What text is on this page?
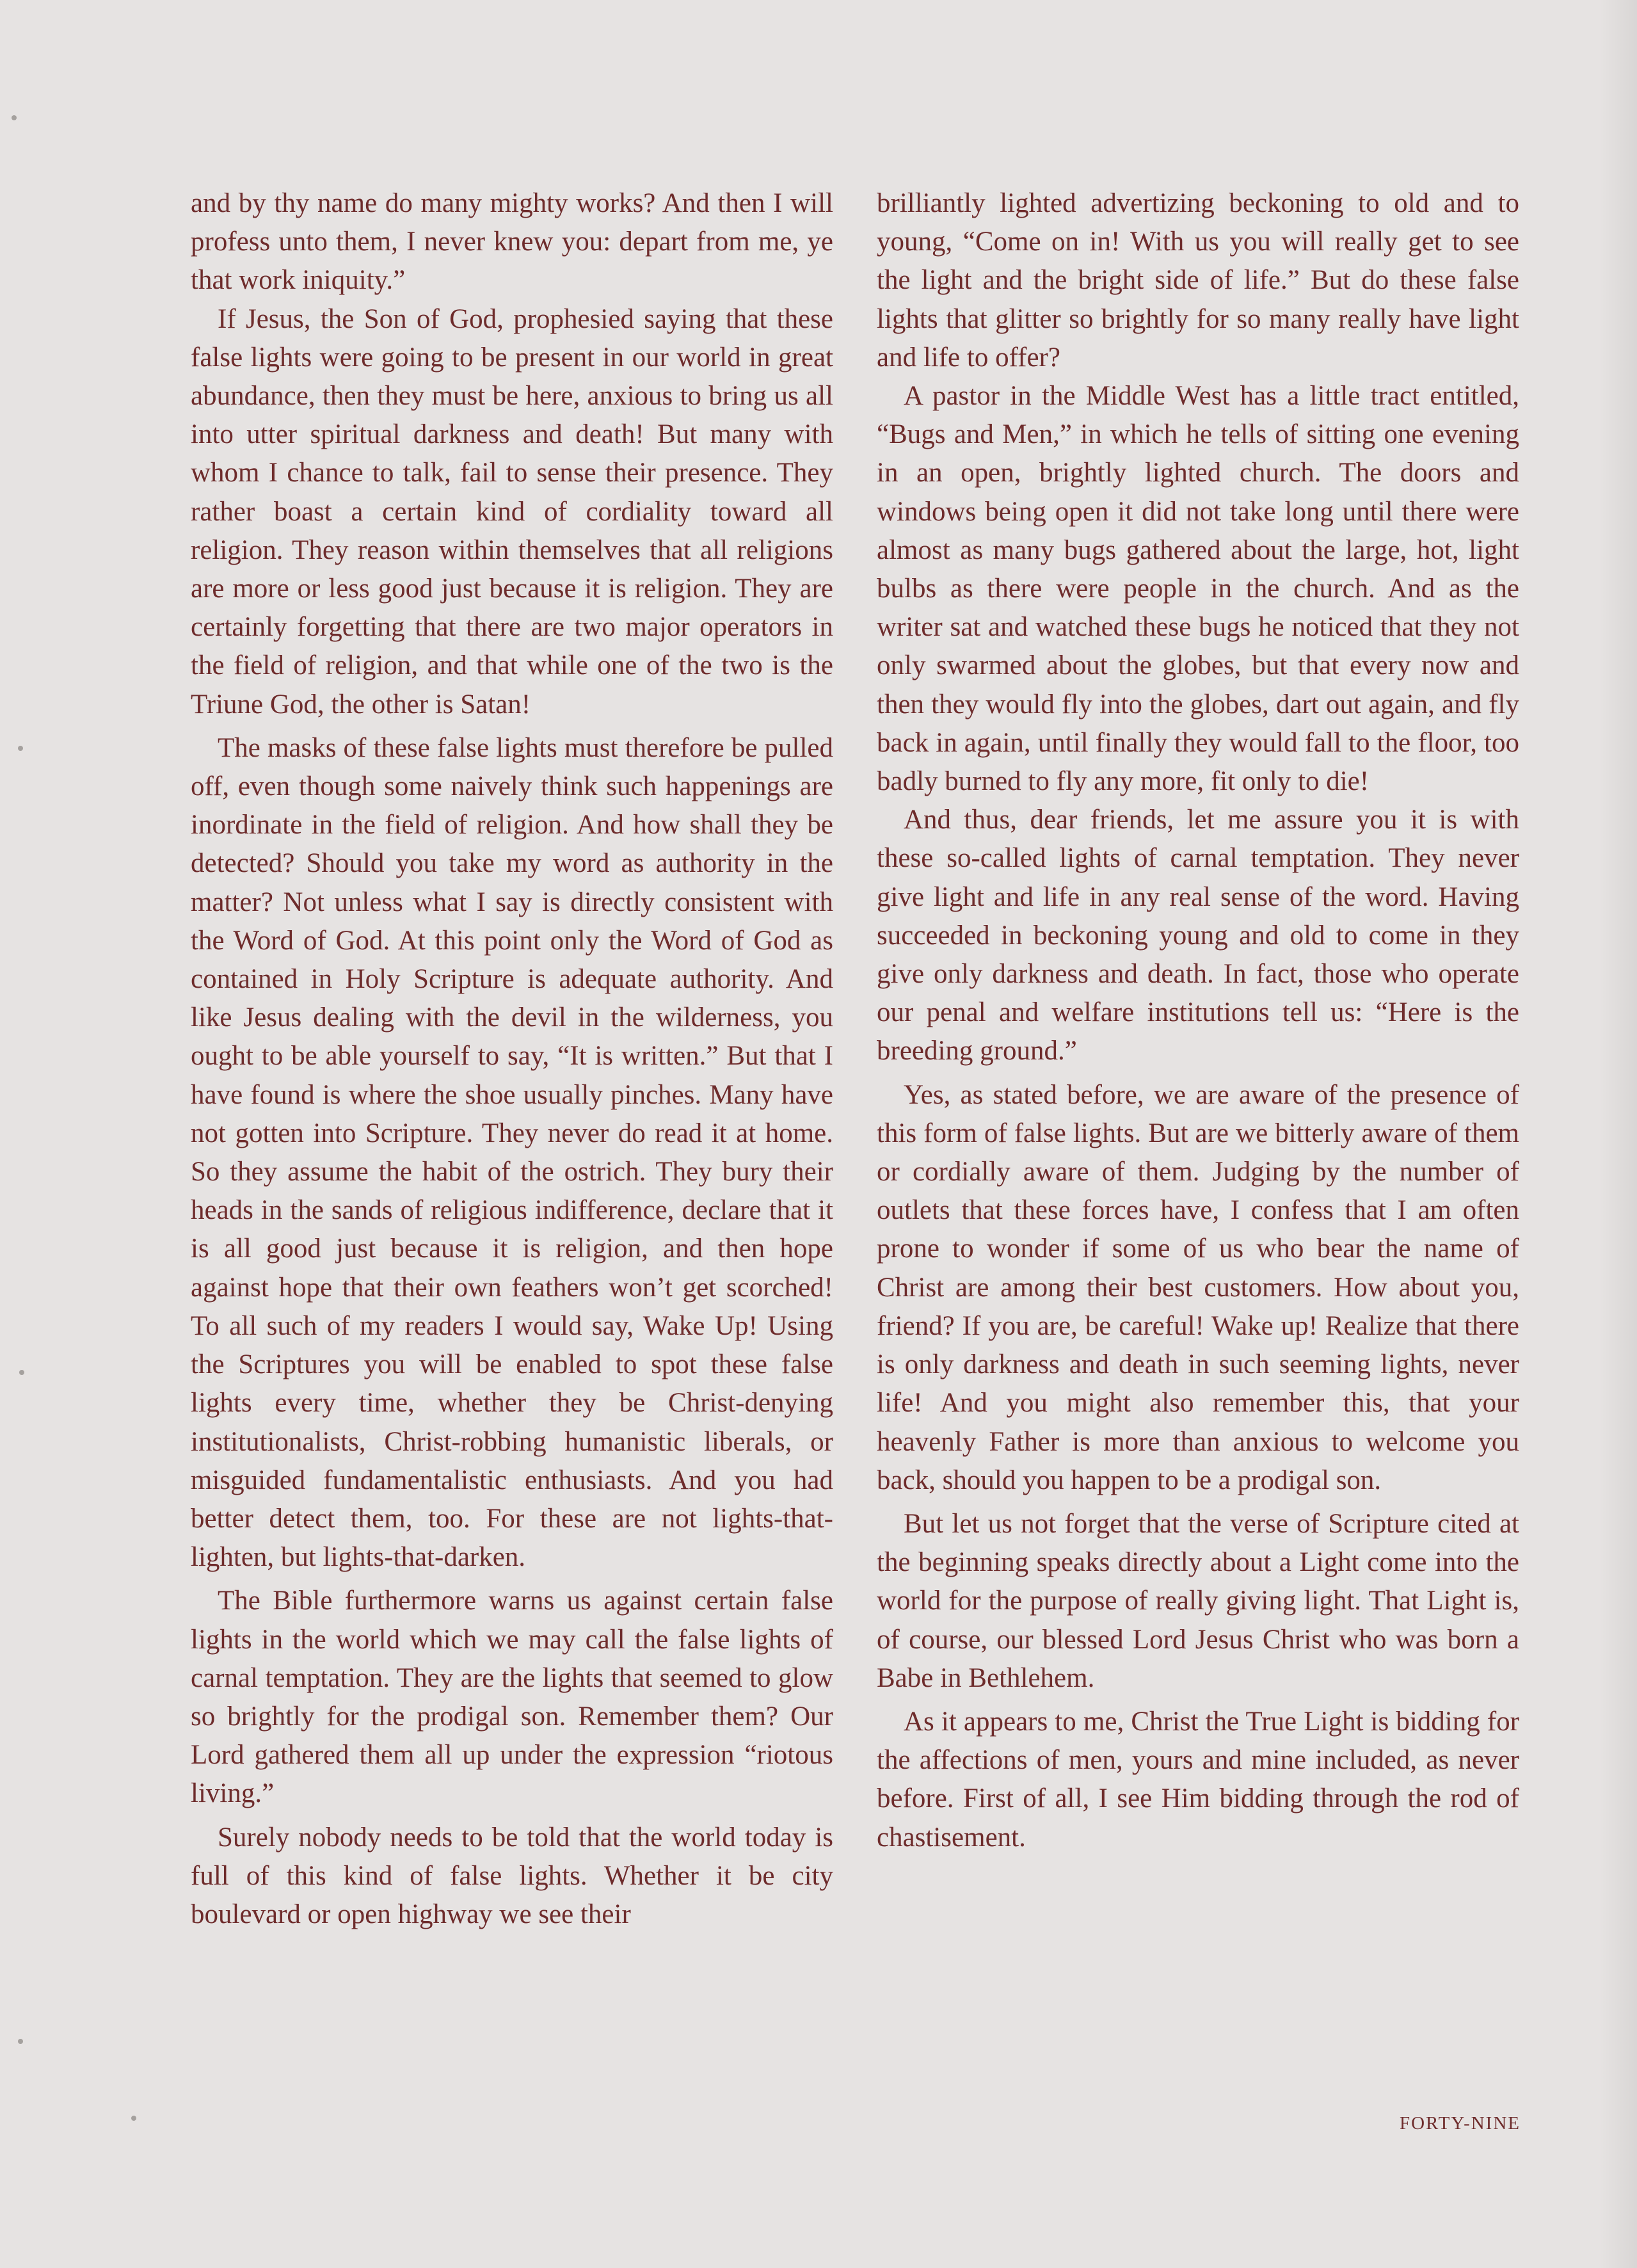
and by thy name do many mighty works? And then I will profess unto them, I never knew you: depart from me, ye that work iniquity.”

If Jesus, the Son of God, prophesied saying that these false lights were going to be present in our world in great abundance, then they must be here, anxious to bring us all into utter spiritual darkness and death! But many with whom I chance to talk, fail to sense their presence. They rather boast a certain kind of cordiality toward all religion. They reason within themselves that all religions are more or less good just because it is religion. They are certainly forgetting that there are two major operators in the field of religion, and that while one of the two is the Triune God, the other is Satan!

The masks of these false lights must therefore be pulled off, even though some naively think such happenings are inordinate in the field of religion. And how shall they be detected? Should you take my word as authority in the matter? Not unless what I say is directly consistent with the Word of God. At this point only the Word of God as contained in Holy Scripture is adequate authority. And like Jesus dealing with the devil in the wilderness, you ought to be able yourself to say, “It is written.” But that I have found is where the shoe usually pinches. Many have not gotten into Scripture. They never do read it at home. So they assume the habit of the ostrich. They bury their heads in the sands of religious indifference, declare that it is all good just because it is religion, and then hope against hope that their own feathers won’t get scorched! To all such of my readers I would say, Wake Up! Using the Scriptures you will be enabled to spot these false lights every time, whether they be Christ-denying institutionalists, Christ-robbing humanistic liberals, or misguided fundamentalistic enthusiasts. And you had better detect them, too. For these are not lights-that-lighten, but lights-that-darken.

The Bible furthermore warns us against certain false lights in the world which we may call the false lights of carnal temptation. They are the lights that seemed to glow so brightly for the prodigal son. Remember them? Our Lord gathered them all up under the expression “riotous living.”

Surely nobody needs to be told that the world today is full of this kind of false lights. Whether it be city boulevard or open highway we see their

brilliantly lighted advertizing beckoning to old and to young, “Come on in! With us you will really get to see the light and the bright side of life.” But do these false lights that glitter so brightly for so many really have light and life to offer?

A pastor in the Middle West has a little tract entitled, “Bugs and Men,” in which he tells of sitting one evening in an open, brightly lighted church. The doors and windows being open it did not take long until there were almost as many bugs gathered about the large, hot, light bulbs as there were people in the church. And as the writer sat and watched these bugs he noticed that they not only swarmed about the globes, but that every now and then they would fly into the globes, dart out again, and fly back in again, until finally they would fall to the floor, too badly burned to fly any more, fit only to die!

And thus, dear friends, let me assure you it is with these so-called lights of carnal temptation. They never give light and life in any real sense of the word. Having succeeded in beckoning young and old to come in they give only darkness and death. In fact, those who operate our penal and welfare institutions tell us: “Here is the breeding ground.”

Yes, as stated before, we are aware of the presence of this form of false lights. But are we bitterly aware of them or cordially aware of them. Judging by the number of outlets that these forces have, I confess that I am often prone to wonder if some of us who bear the name of Christ are among their best customers. How about you, friend? If you are, be careful! Wake up! Realize that there is only darkness and death in such seeming lights, never life! And you might also remember this, that your heavenly Father is more than anxious to welcome you back, should you happen to be a prodigal son.

But let us not forget that the verse of Scripture cited at the beginning speaks directly about a Light come into the world for the purpose of really giving light. That Light is, of course, our blessed Lord Jesus Christ who was born a Babe in Bethlehem.

As it appears to me, Christ the True Light is bidding for the affections of men, yours and mine included, as never before. First of all, I see Him bidding through the rod of chastisement.

FORTY-NINE
